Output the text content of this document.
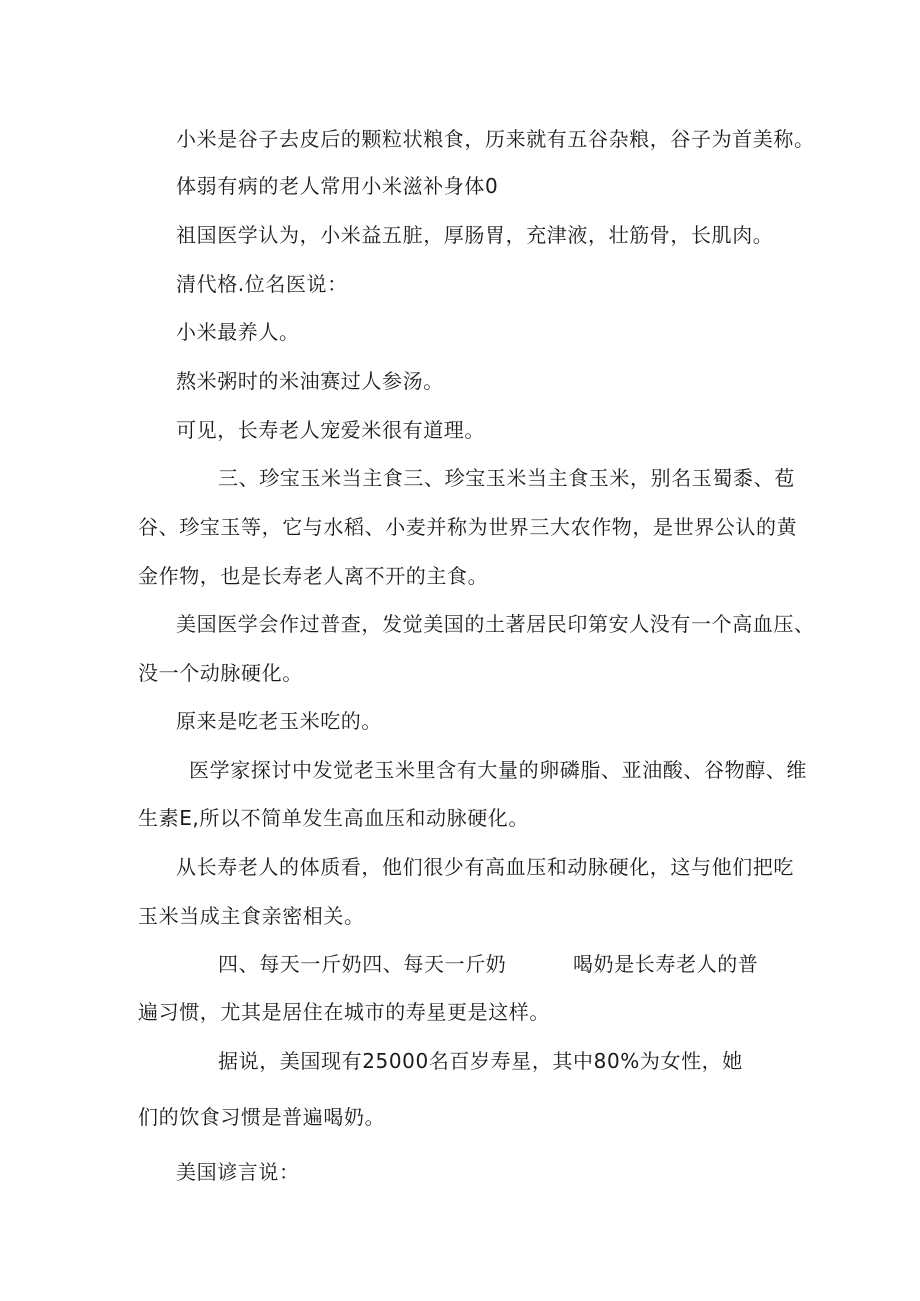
小米是谷子去皮后的颗粒状粮食，历来就有五谷杂粮，谷子为首美称。

体弱有病的老人常用小米滋补身体0

祖国医学认为，小米益五脏，厚肠胃，充津液，壮筋骨，长肌肉。

清代格.位名医说：

小米最养人。

熬米粥时的米油赛过人参汤。

可见，长寿老人宠爱米很有道理。

三、珍宝玉米当主食三、珍宝玉米当主食玉米，别名玉蜀黍、苞

谷、珍宝玉等，它与水稻、小麦并称为世界三大农作物，是世界公认的黄

金作物，也是长寿老人离不开的主食。

美国医学会作过普查，发觉美国的土著居民印第安人没有一个高血压、

没一个动脉硬化。

原来是吃老玉米吃的。

医学家探讨中发觉老玉米里含有大量的卵磷脂、亚油酸、谷物醇、维

生素E,所以不简单发生高血压和动脉硬化。

从长寿老人的体质看，他们很少有高血压和动脉硬化，这与他们把吃

玉米当成主食亲密相关。

四、每天一斤奶四、每天一斤奶	喝奶是长寿老人的普

遍习惯，尤其是居住在城市的寿星更是这样。

据说，美国现有25000名百岁寿星，其中80%为女性，她

们的饮食习惯是普遍喝奶。

美国谚言说：
